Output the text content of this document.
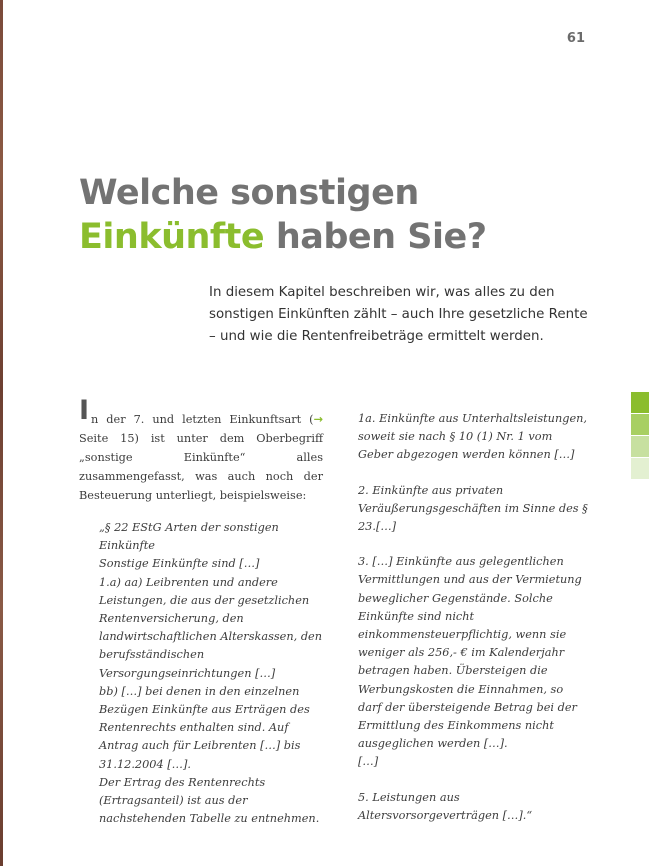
61
Welche sonstigen
Einkünfte haben Sie?

In diesem Kapitel beschreiben wir, was alles zu den sonstigen Einkünften zählt – auch Ihre gesetzliche Rente – und wie die Rentenfreibeträge ermittelt werden.

In der 7. und letzten Einkunftsart (→ Seite 15) ist unter dem Oberbegriff „sonstige Einkünfte“ alles zusammengefasst, was auch noch der Besteuerung unterliegt, beispielsweise:

„§ 22 EStG Arten der sonstigen Einkünfte
Sonstige Einkünfte sind […]
1.a) aa) Leibrenten und andere Leistungen, die aus der gesetzlichen Rentenversicherung, den landwirtschaftlichen Alterskassen, den berufsständischen Versorgungseinrichtungen […]
bb) […] bei denen in den einzelnen Bezügen Einkünfte aus Erträgen des Rentenrechts enthalten sind. Auf Antrag auch für Leibrenten […] bis 31.12.2004 […].
Der Ertrag des Rentenrechts (Ertragsanteil) ist aus der nachstehenden Tabelle zu entnehmen.

1a. Einkünfte aus Unterhaltsleistungen, soweit sie nach § 10 (1) Nr. 1 vom Geber abgezogen werden können […]

2. Einkünfte aus privaten Veräußerungsgeschäften im Sinne des § 23.[…]

3. […] Einkünfte aus gelegentlichen Vermittlungen und aus der Vermietung beweglicher Gegenstände. Solche Einkünfte sind nicht einkommensteuerpflichtig, wenn sie weniger als 256,- € im Kalenderjahr betragen haben. Übersteigen die Werbungskosten die Einnahmen, so darf der übersteigende Betrag bei der Ermittlung des Einkommens nicht ausgeglichen werden […].
[…]

5. Leistungen aus Altersvorsorgeverträgen […].“
